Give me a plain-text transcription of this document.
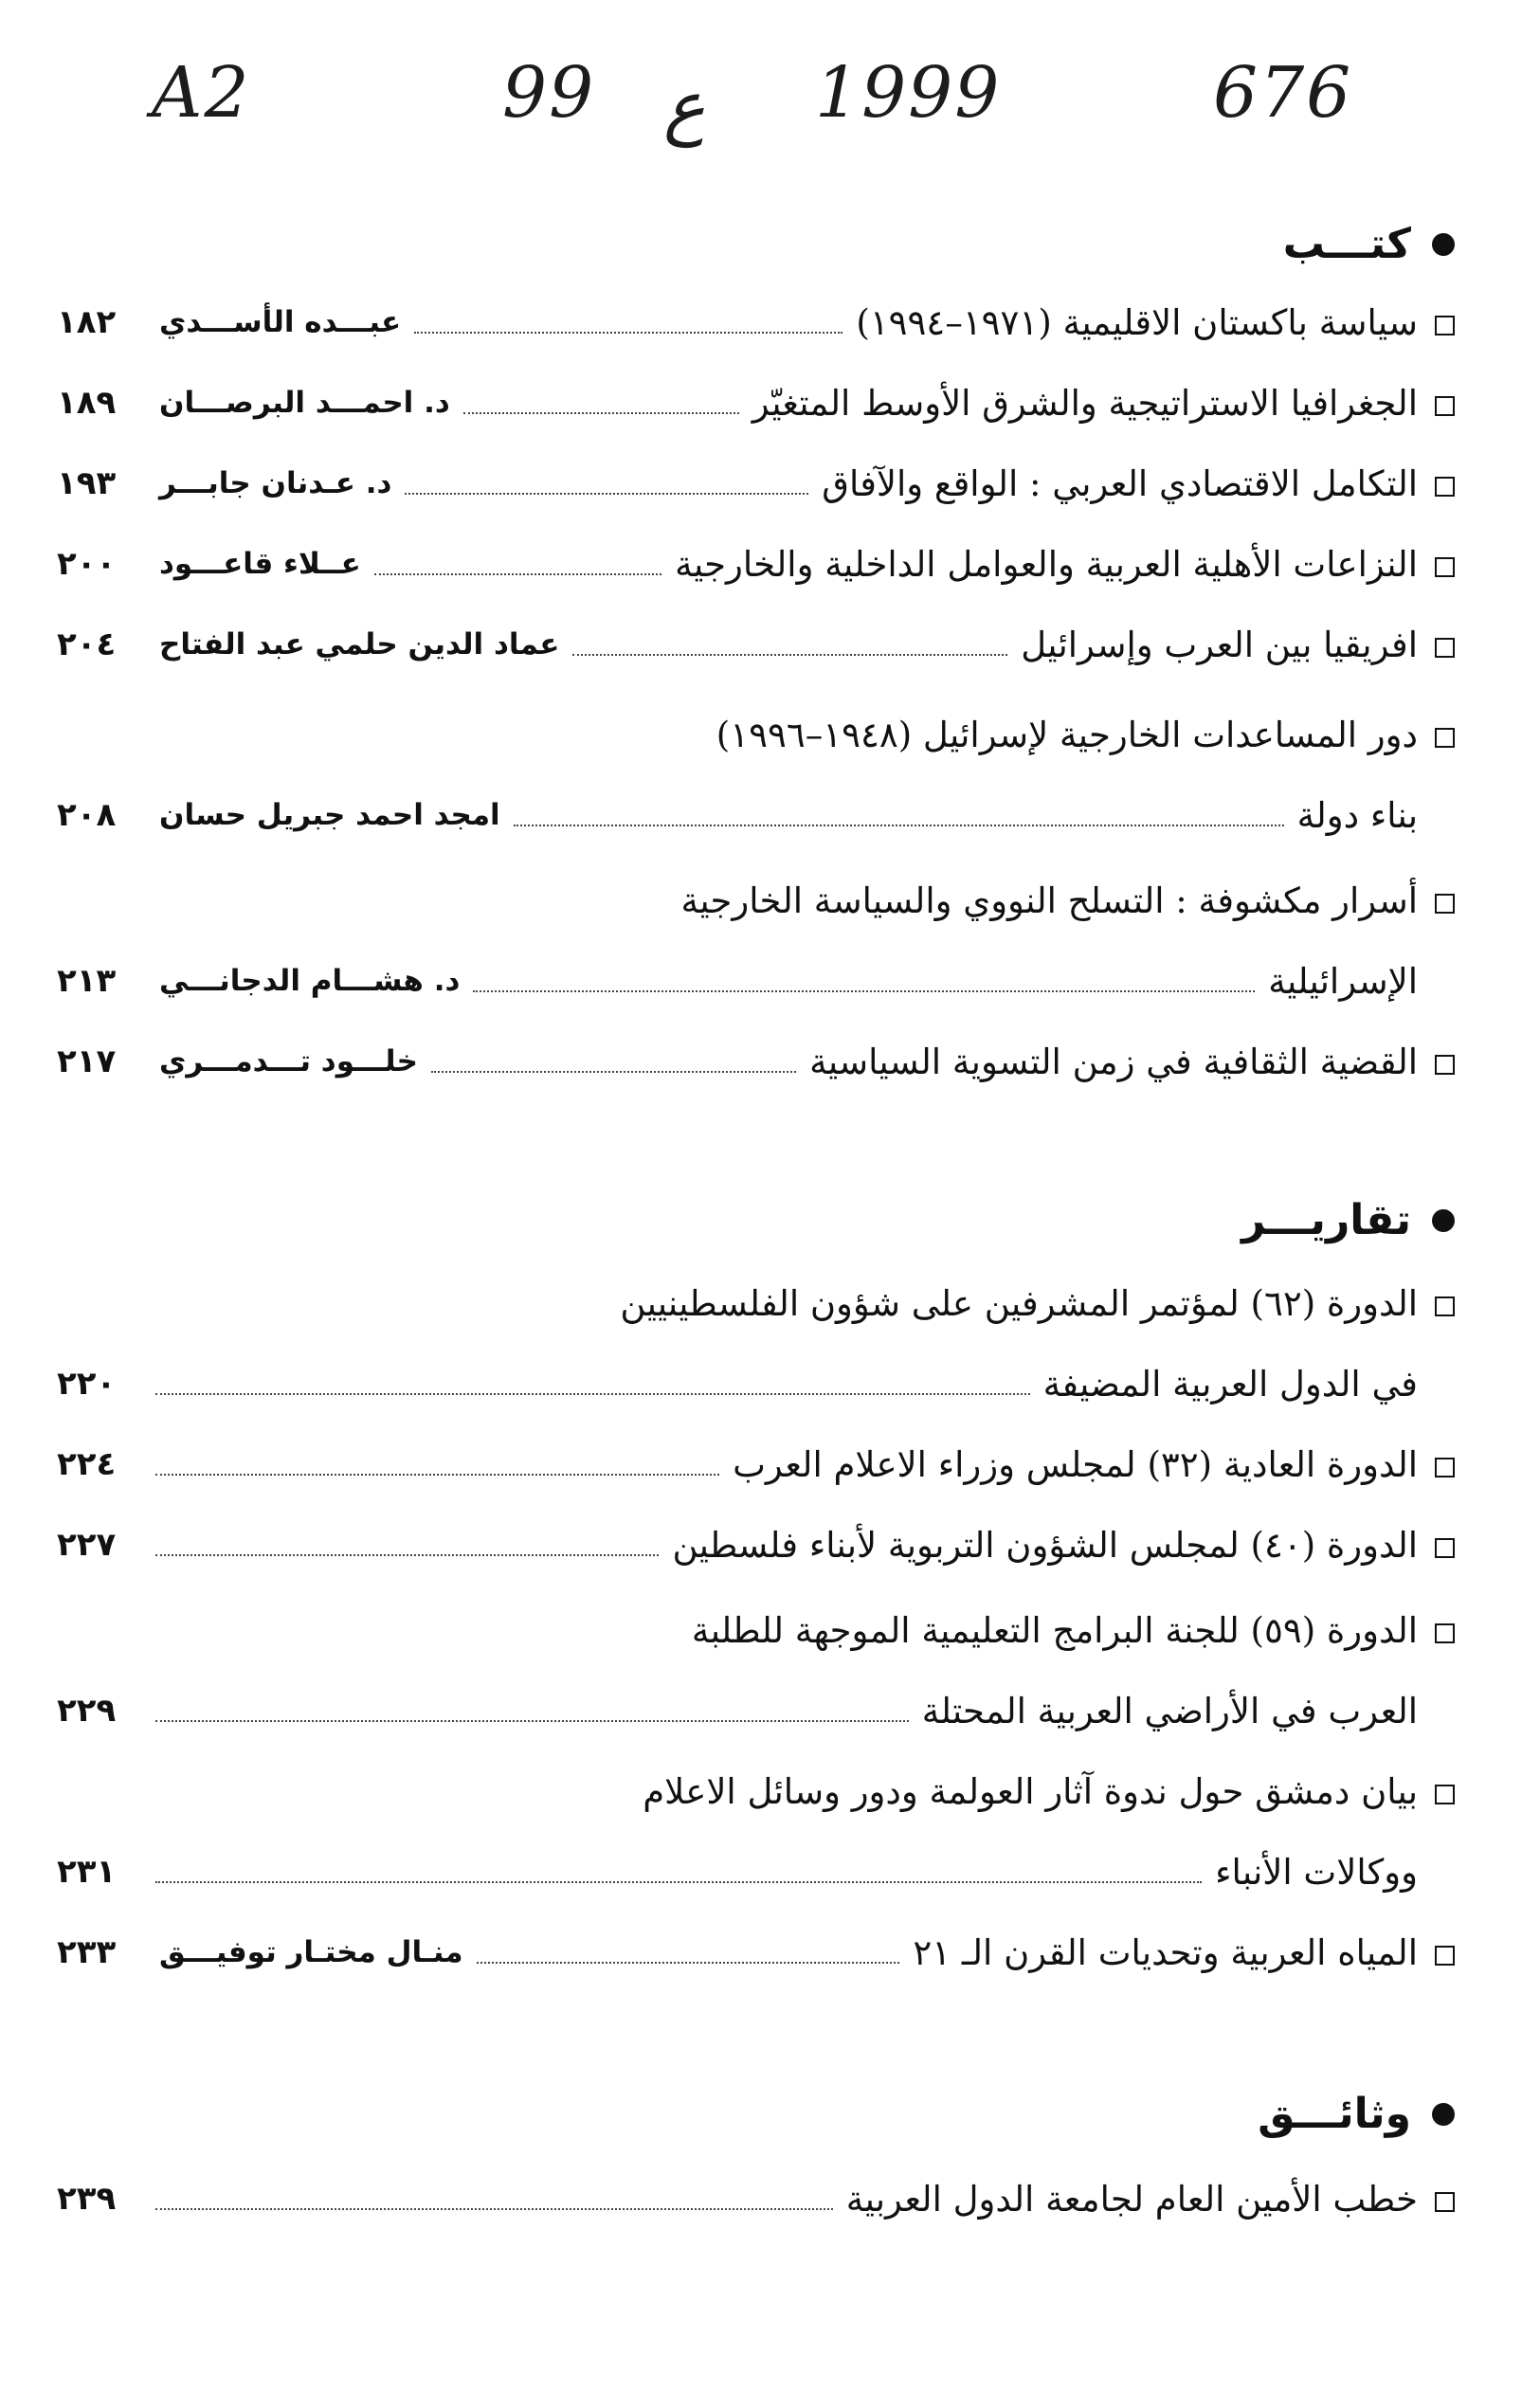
A2	99 ع 1999	676
كتـــب
سياسة باكستان الاقليمية (١٩٧١–١٩٩٤)
عبـــده الأســـدي
١٨٢
الجغرافيا الاستراتيجية والشرق الأوسط المتغيّر
د. احمـــد البرصـــان
١٨٩
التكامل الاقتصادي العربي : الواقع والآفاق
د. عـدنان جابـــر
١٩٣
النزاعات الأهلية العربية والعوامل الداخلية والخارجية
عــلاء قاعـــود
٢٠٠
افريقيا بين العرب وإسرائيل
عماد الدين حلمي عبد الفتاح
٢٠٤
دور المساعدات الخارجية لإسرائيل (١٩٤٨–١٩٩٦)
بناء دولة
امجد احمد جبريل حسان
٢٠٨
أسرار مكشوفة : التسلح النووي والسياسة الخارجية
الإسرائيلية
د. هشـــام الدجانـــي
٢١٣
القضية الثقافية في زمن التسوية السياسية
خلـــود تـــدمـــري
٢١٧
تقاريـــر
الدورة (٦٢) لمؤتمر المشرفين على شؤون الفلسطينيين
في الدول العربية المضيفة
٢٢٠
الدورة العادية (٣٢) لمجلس وزراء الاعلام العرب
٢٢٤
الدورة (٤٠) لمجلس الشؤون التربوية لأبناء فلسطين
٢٢٧
الدورة (٥٩) للجنة البرامج التعليمية الموجهة للطلبة
العرب في الأراضي العربية المحتلة
٢٢٩
بيان دمشق حول ندوة آثار العولمة ودور وسائل الاعلام
ووكالات الأنباء
٢٣١
المياه العربية وتحديات القرن الـ ٢١
منـال مختـار توفيـــق
٢٣٣
وثائـــق
خطب الأمين العام لجامعة الدول العربية
٢٣٩
